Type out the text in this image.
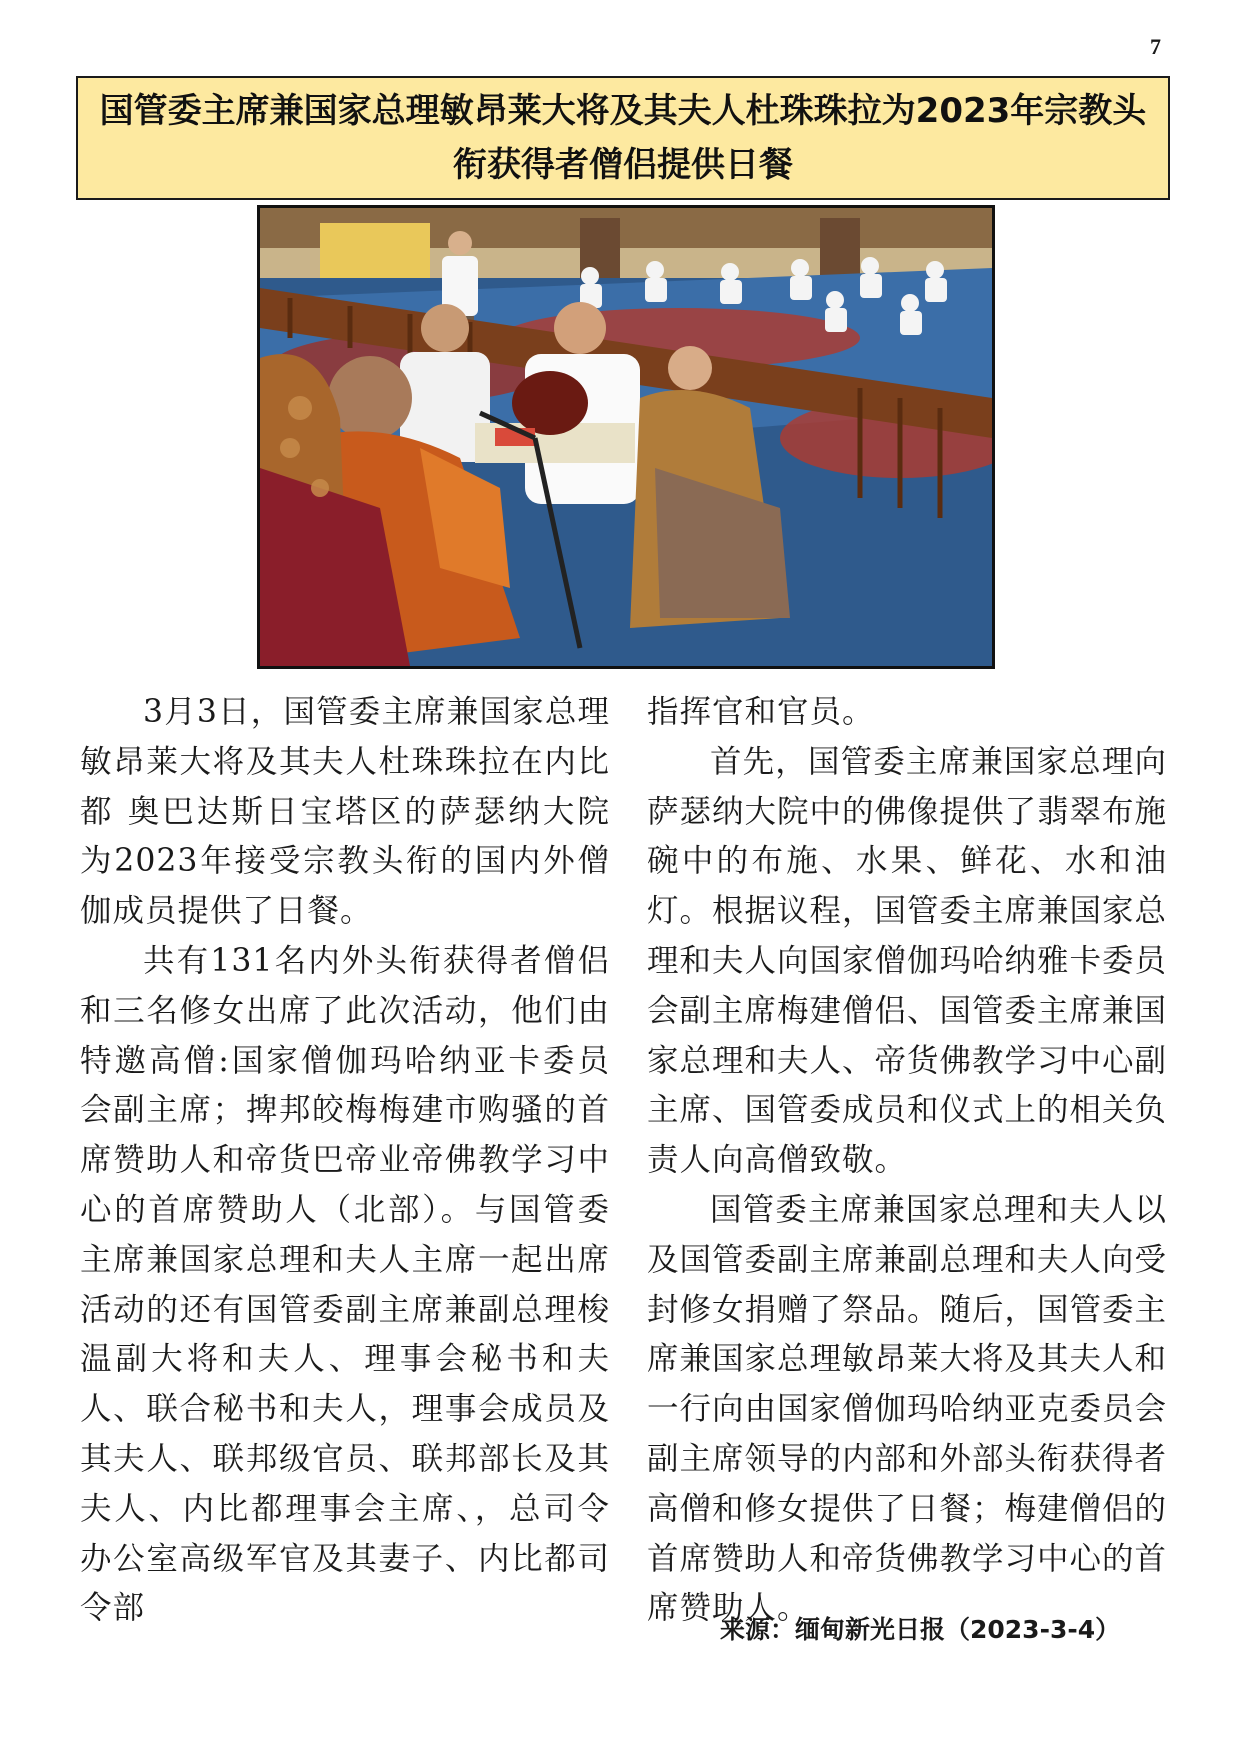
7
国管委主席兼国家总理敏昂莱大将及其夫人杜珠珠拉为2023年宗教头衔获得者僧侣提供日餐

3月3日，国管委主席兼国家总理敏昂莱大将及其夫人杜珠珠拉在内比都 奥巴达斯日宝塔区的萨瑟纳大院为2023年接受宗教头衔的国内外僧伽成员提供了日餐。

共有131名内外头衔获得者僧侣和三名修女出席了此次活动，他们由特邀高僧:国家僧伽玛哈纳亚卡委员会副主席；捭邦皎梅梅建市购骚的首席赞助人和帝货巴帝业帝佛教学习中心的首席赞助人（北部）。与国管委主席兼国家总理和夫人主席一起出席活动的还有国管委副主席兼副总理梭温副大将和夫人、理事会秘书和夫人、联合秘书和夫人，理事会成员及其夫人、联邦级官员、联邦部长及其夫人、内比都理事会主席、，总司令办公室高级军官及其妻子、内比都司令部

指挥官和官员。

首先，国管委主席兼国家总理向萨瑟纳大院中的佛像提供了翡翠布施碗中的布施、水果、鲜花、水和油灯。根据议程，国管委主席兼国家总理和夫人向国家僧伽玛哈纳雅卡委员会副主席梅建僧侣、国管委主席兼国家总理和夫人、帝货佛教学习中心副主席、国管委成员和仪式上的相关负责人向高僧致敬。

国管委主席兼国家总理和夫人以及国管委副主席兼副总理和夫人向受封修女捐赠了祭品。随后，国管委主席兼国家总理敏昂莱大将及其夫人和一行向由国家僧伽玛哈纳亚克委员会副主席领导的内部和外部头衔获得者高僧和修女提供了日餐；梅建僧侣的首席赞助人和帝货佛教学习中心的首席赞助人。

来源：缅甸新光日报（2023-3-4）
